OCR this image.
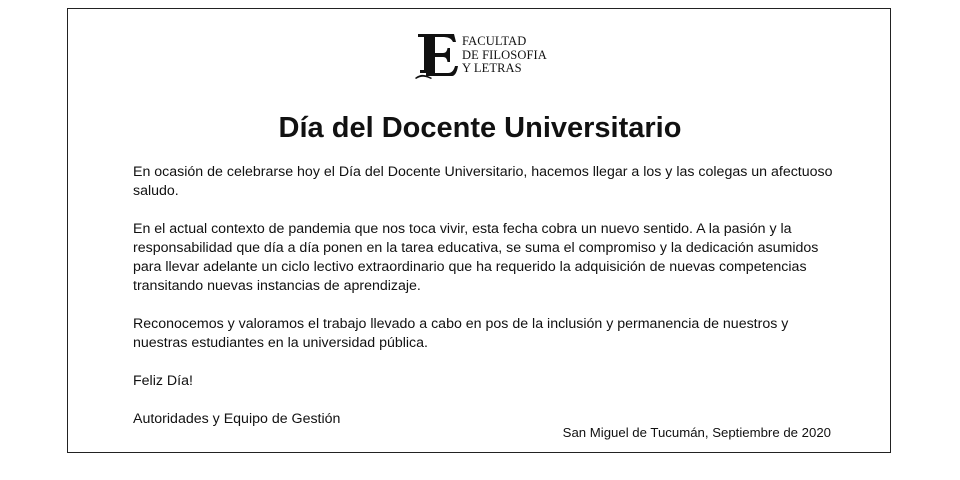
FACULTAD
DE FILOSOFIA
Y LETRAS
Día del Docente Universitario

En ocasión de celebrarse hoy el Día del Docente Universitario, hacemos llegar a los y las colegas un afectuoso saludo.

En el actual contexto de pandemia que nos toca vivir, esta fecha cobra un nuevo sentido. A la pasión y la responsabilidad que día a día ponen en la tarea educativa, se suma el compromiso y la dedicación asumidos para llevar adelante un ciclo lectivo extraordinario que ha requerido la adquisición de nuevas competencias transitando nuevas instancias de aprendizaje.

Reconocemos y valoramos el trabajo llevado a cabo en pos de la inclusión y permanencia de nuestros y nuestras estudiantes en la universidad pública.

Feliz Día!

Autoridades y Equipo de Gestión

San Miguel de Tucumán, Septiembre de 2020
